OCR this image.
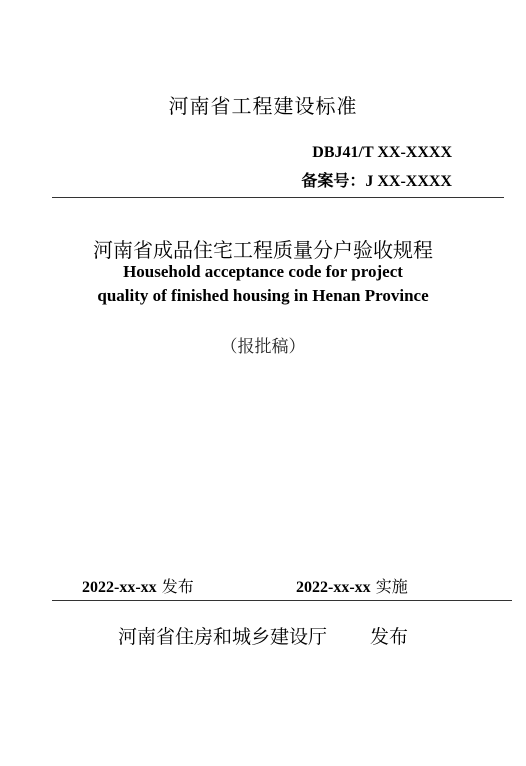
河南省工程建设标准
DBJ41/T XX-XXXX
备案号：J XX-XXXX
河南省成品住宅工程质量分户验收规程
Household acceptance code for project
quality of finished housing in Henan Province
（报批稿）
2022-xx-xx 发布	2022-xx-xx 实施
河南省住房和城乡建设厅 发布
